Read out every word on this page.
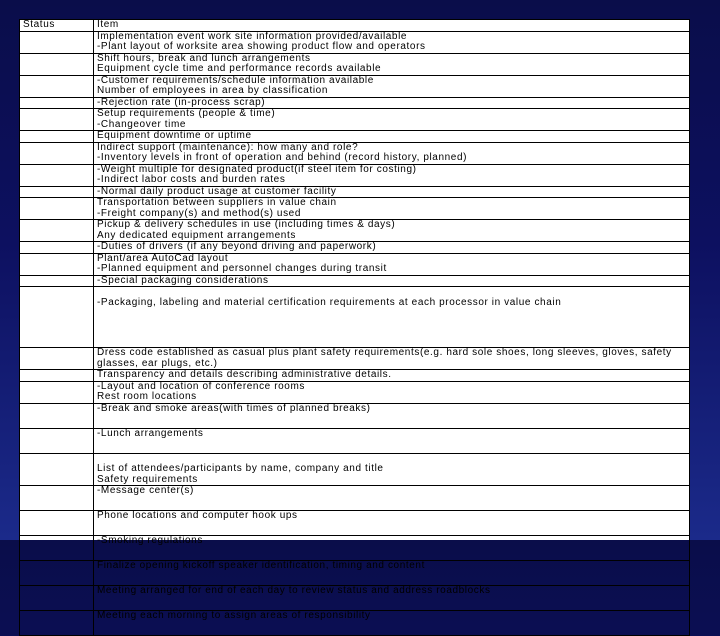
Status	Item

	Implementation event work site information provided/available
-Plant layout of worksite area showing product flow and operators

	Shift hours, break and lunch arrangements
Equipment cycle time and performance records available

	-Customer requirements/schedule information available
Number of employees in area by classification

	-Rejection rate (in-process scrap)

	Setup requirements (people & time)
-Changeover time

	Equipment downtime or uptime

	Indirect support (maintenance): how many and role?
-Inventory levels in front of operation and behind (record history, planned)

	-Weight multiple for designated product(if steel item for costing)
-Indirect labor costs and burden rates

	-Normal daily product usage at customer facility

	Transportation between suppliers in value chain
-Freight company(s) and method(s) used

	Pickup & delivery schedules in use (including times & days)
Any dedicated equipment arrangements

	-Duties of drivers (if any beyond driving and paperwork)

	Plant/area AutoCad layout
-Planned equipment and personnel changes during transit

	-Special packaging considerations

	-Packaging, labeling and material certification requirements at each processor in value chain

	Dress code established as casual plus plant safety requirements(e.g. hard sole shoes, long sleeves, gloves, safety glasses, ear plugs, etc.)

	Transparency and details describing administrative details.

	-Layout and location of conference rooms
Rest room locations

	-Break and smoke areas(with times of planned breaks)

	-Lunch arrangements

	List of attendees/participants by name, company and title
Safety requirements

	-Message center(s)

	Phone locations and computer hook ups

	-Smoking regulations

	Finalize opening kickoff speaker identification, timing and content

	Meeting arranged for end of each day to review status and address roadblocks

	Meeting each morning to assign areas of responsibility
